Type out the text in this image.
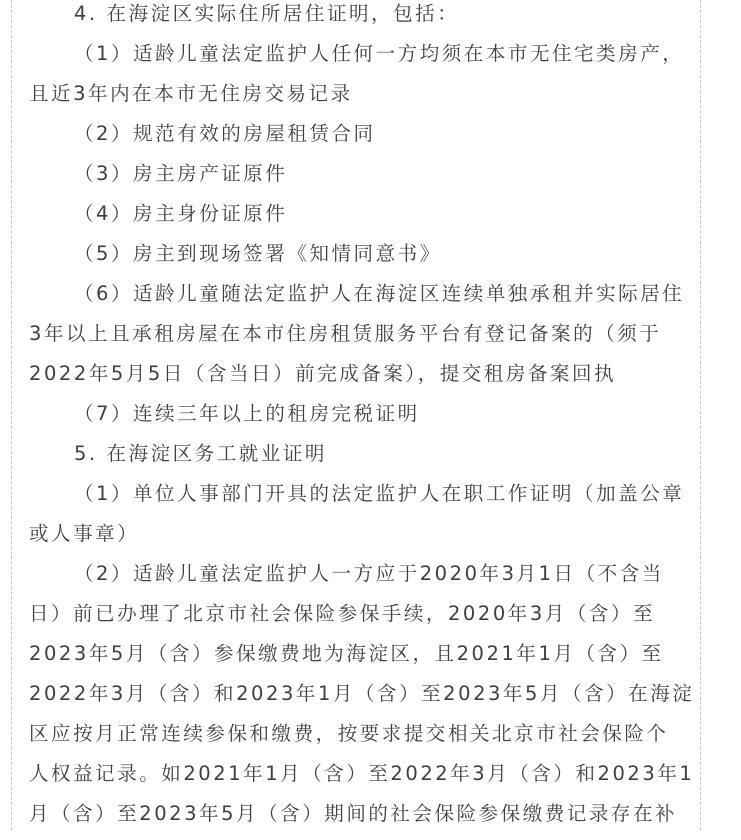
4. 在海淀区实际住所居住证明，包括：
（1）适龄儿童法定监护人任何一方均须在本市无住宅类房产，
且近3年内在本市无住房交易记录
（2）规范有效的房屋租赁合同
（3）房主房产证原件
（4）房主身份证原件
（5）房主到现场签署《知情同意书》
（6）适龄儿童随法定监护人在海淀区连续单独承租并实际居住
3年以上且承租房屋在本市住房租赁服务平台有登记备案的（须于
2022年5月5日（含当日）前完成备案），提交租房备案回执
（7）连续三年以上的租房完税证明
5. 在海淀区务工就业证明
（1）单位人事部门开具的法定监护人在职工作证明（加盖公章
或人事章）
（2）适龄儿童法定监护人一方应于2020年3月1日（不含当
日）前已办理了北京市社会保险参保手续，2020年3月（含）至
2023年5月（含）参保缴费地为海淀区，且2021年1月（含）至
2022年3月（含）和2023年1月（含）至2023年5月（含）在海淀
区应按月正常连续参保和缴费，按要求提交相关北京市社会保险个
人权益记录。如2021年1月（含）至2022年3月（含）和2023年1
月（含）至2023年5月（含）期间的社会保险参保缴费记录存在补
